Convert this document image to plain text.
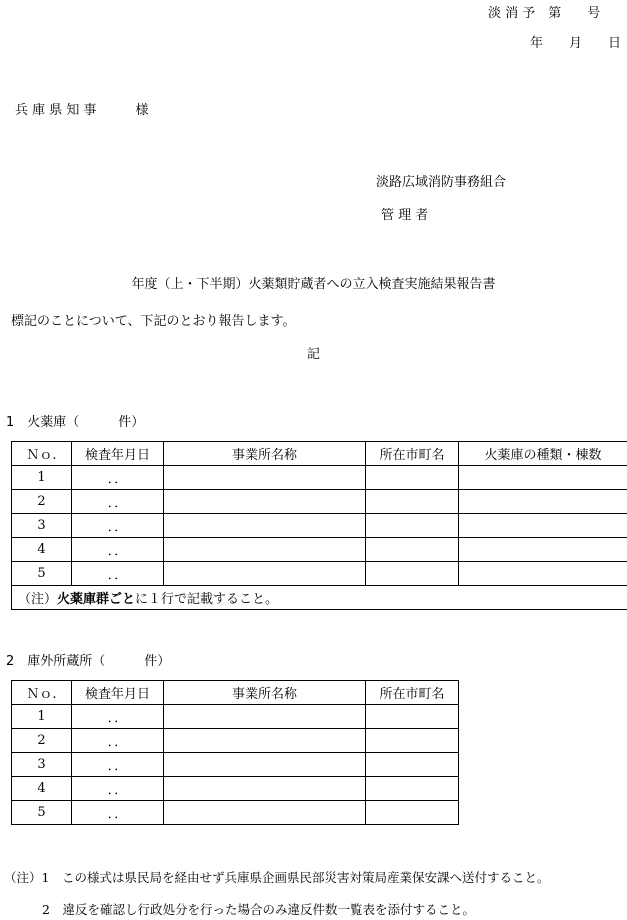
淡 消 予　第　　号
年　　月　　日
兵 庫 県 知 事　　　様
淡路広域消防事務組合
管 理 者
年度（上・下半期）火薬類貯蔵者への立入検査実施結果報告書
標記のことについて、下記のとおり報告します。
記
1　火薬庫（　　　件）
Ｎｏ.	検査年月日	事業所名称	所在市町名	火薬庫の種類・棟数
1	．．			
2	．．			
3	．．			
4	．．			
5	．．			
（注）火薬庫群ごとに１行で記載すること。				
2　庫外所蔵所（　　　件）
Ｎｏ.	検査年月日	事業所名称	所在市町名
1	．．		
2	．．		
3	．．		
4	．．		
5	．．		
（注）1　この様式は県民局を経由せず兵庫県企画県民部災害対策局産業保安課へ送付すること。
2　違反を確認し行政処分を行った場合のみ違反件数一覧表を添付すること。
